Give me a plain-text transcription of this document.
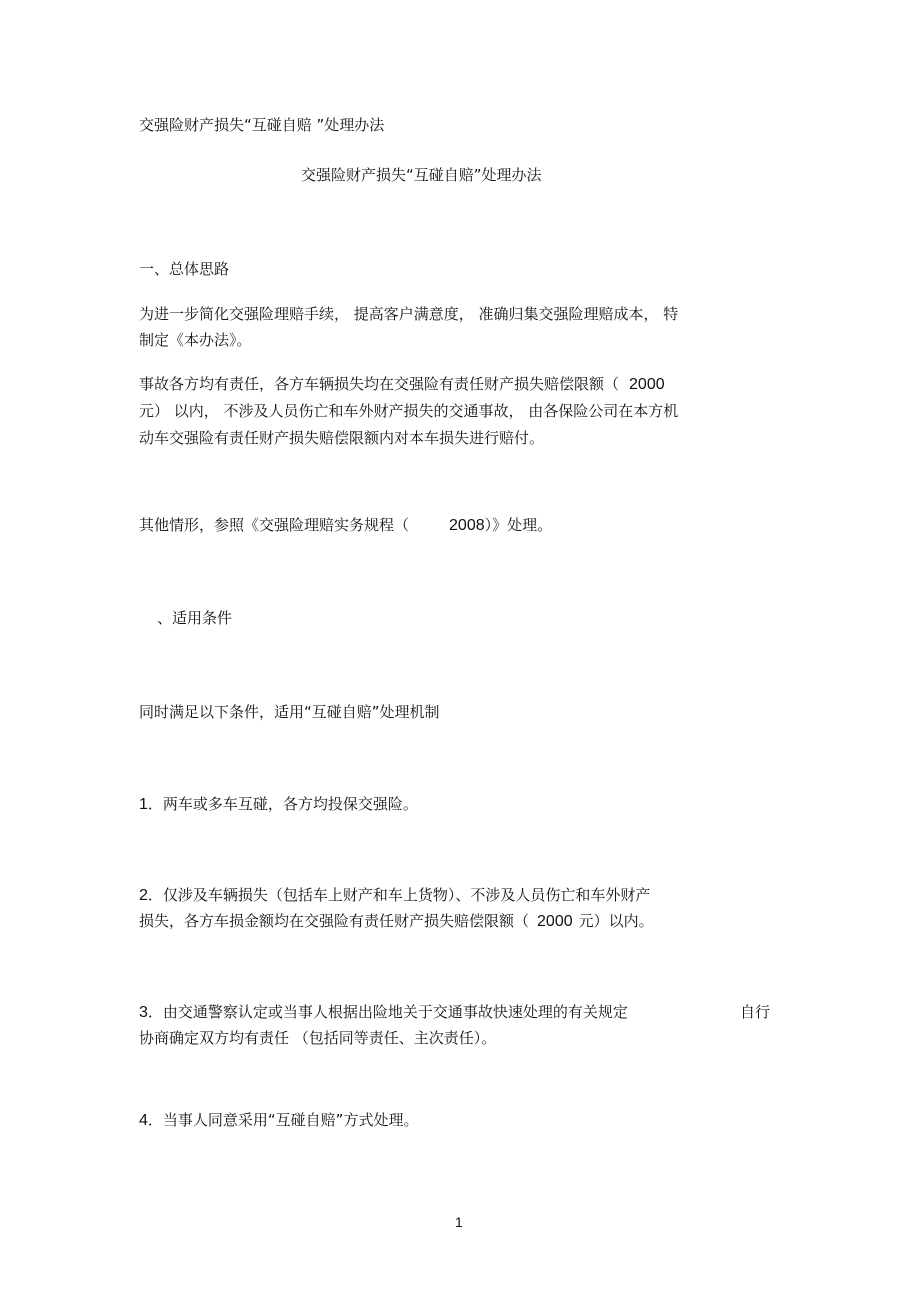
交强险财产损失“互碰自赔 ”处理办法
交强险财产损失“互碰自赔”处理办法
一、总体思路
为进一步简化交强险理赔手续， 提高客户满意度， 准确归集交强险理赔成本， 特
制定《本办法》。
事故各方均有责任，各方车辆损失均在交强险有责任财产损失赔偿限额（ 2000
元） 以内， 不涉及人员伤亡和车外财产损失的交通事故， 由各保险公司在本方机
动车交强险有责任财产损失赔偿限额内对本车损失进行赔付。
其他情形，参照《交强险理赔实务规程（	2008）》处理。
、适用条件
同时满足以下条件，适用“互碰自赔”处理机制
1．两车或多车互碰，各方均投保交强险。
2．仅涉及车辆损失（包括车上财产和车上货物）、不涉及人员伤亡和车外财产
损失，各方车损金额均在交强险有责任财产损失赔偿限额（ 2000 元）以内。
3．由交通警察认定或当事人根据出险地关于交通事故快速处理的有关规定	自行
协商确定双方均有责任 （包括同等责任、主次责任）。
4．当事人同意采用“互碰自赔”方式处理。
1
